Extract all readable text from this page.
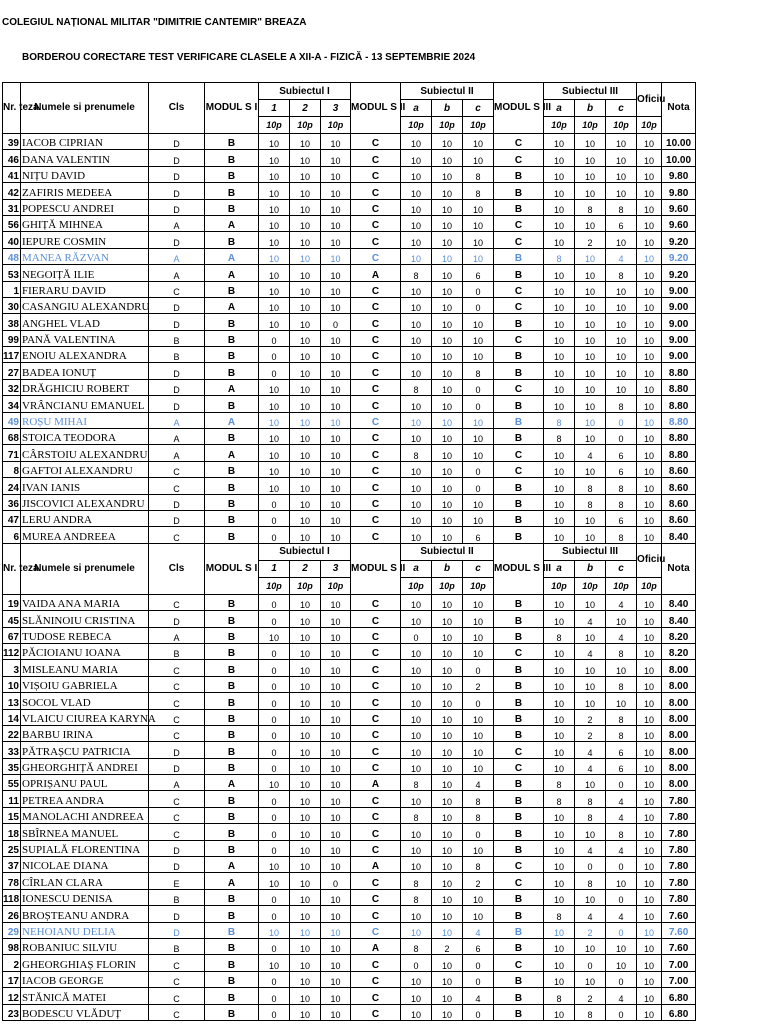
COLEGIUL NAȚIONAL MILITAR "DIMITRIE CANTEMIR" BREAZA
BORDEROU CORECTARE TEST VERIFICARE CLASELE A XII-A - FIZICĂ - 13 SEPTEMBRIE 2024
Nr. teza	Numele si prenumele	Cls	MODUL S I	Subiectul I			MODUL S II	Subiectul II			MODUL S III	Subiectul III			Oficiu	Nota
				1	2	3		a	b	c		a	b	c		
				10p	10p	10p		10p	10p	10p		10p	10p	10p	10p	
39	IACOB CIPRIAN	D	B	10	10	10	C	10	10	10	C	10	10	10	10	10.00
46	DANA VALENTIN	D	B	10	10	10	C	10	10	10	C	10	10	10	10	10.00
41	NIȚU DAVID	D	B	10	10	10	C	10	10	8	B	10	10	10	10	9.80
42	ZAFIRIS MEDEEA	D	B	10	10	10	C	10	10	8	B	10	10	10	10	9.80
31	POPESCU ANDREI	D	B	10	10	10	C	10	10	10	B	10	8	8	10	9.60
56	GHIȚĂ MIHNEA	A	A	10	10	10	C	10	10	10	C	10	10	6	10	9.60
40	IEPURE COSMIN	D	B	10	10	10	C	10	10	10	C	10	2	10	10	9.20
48	MANEA RĂZVAN	A	A	10	10	10	C	10	10	10	B	8	10	4	10	9.20
53	NEGOIȚĂ ILIE	A	A	10	10	10	A	8	10	6	B	10	10	8	10	9.20
1	FIERARU DAVID	C	B	10	10	10	C	10	10	0	C	10	10	10	10	9.00
30	CASANGIU ALEXANDRU	D	A	10	10	10	C	10	10	0	C	10	10	10	10	9.00
38	ANGHEL VLAD	D	B	10	10	0	C	10	10	10	B	10	10	10	10	9.00
99	PANĂ VALENTINA	B	B	0	10	10	C	10	10	10	C	10	10	10	10	9.00
117	ENOIU ALEXANDRA	B	B	0	10	10	C	10	10	10	B	10	10	10	10	9.00
27	BADEA IONUȚ	D	B	0	10	10	C	10	10	8	B	10	10	10	10	8.80
32	DRĂGHICIU ROBERT	D	A	10	10	10	C	8	10	0	C	10	10	10	10	8.80
34	VRÂNCIANU EMANUEL	D	B	10	10	10	C	10	10	0	B	10	10	8	10	8.80
49	ROȘU MIHAI	A	A	10	10	10	C	10	10	10	B	8	10	0	10	8.80
68	STOICA TEODORA	A	B	10	10	10	C	10	10	10	B	8	10	0	10	8.80
71	CÂRSTOIU ALEXANDRU	A	A	10	10	10	C	8	10	10	C	10	4	6	10	8.80
8	GAFTOI ALEXANDRU	C	B	10	10	10	C	10	10	0	C	10	10	6	10	8.60
24	IVAN IANIS	C	B	10	10	10	C	10	10	0	B	10	8	8	10	8.60
36	JISCOVICI ALEXANDRU	D	B	0	10	10	C	10	10	10	B	10	8	8	10	8.60
47	LERU ANDRA	D	B	0	10	10	C	10	10	10	B	10	10	6	10	8.60
6	MUREA ANDREEA	C	B	0	10	10	C	10	10	6	B	10	10	8	10	8.40
Nr. teza	Numele si prenumele	Cls	MODUL S I	Subiectul I			MODUL S II	Subiectul II			MODUL S III	Subiectul III			Oficiu	Nota
				1	2	3		a	b	c		a	b	c		
				10p	10p	10p		10p	10p	10p		10p	10p	10p	10p	
19	VAIDA ANA MARIA	C	B	0	10	10	C	10	10	10	B	10	10	4	10	8.40
45	SLĂNINOIU CRISTINA	D	B	0	10	10	C	10	10	10	B	10	4	10	10	8.40
67	TUDOSE REBECA	A	B	10	10	10	C	0	10	10	B	8	10	4	10	8.20
112	PĂCIOIANU IOANA	B	B	0	10	10	C	10	10	10	C	10	4	8	10	8.20
3	MISLEANU MARIA	C	B	0	10	10	C	10	10	0	B	10	10	10	10	8.00
10	VIȘOIU GABRIELA	C	B	0	10	10	C	10	10	2	B	10	10	8	10	8.00
13	SOCOL VLAD	C	B	0	10	10	C	10	10	0	B	10	10	10	10	8.00
14	VLAICU CIUREA KARYNA	C	B	0	10	10	C	10	10	10	B	10	2	8	10	8.00
22	BARBU IRINA	C	B	0	10	10	C	10	10	10	B	10	2	8	10	8.00
33	PĂTRAȘCU PATRICIA	D	B	0	10	10	C	10	10	10	C	10	4	6	10	8.00
35	GHEORGHIȚĂ ANDREI	D	B	0	10	10	C	10	10	10	C	10	4	6	10	8.00
55	OPRIȘANU PAUL	A	A	10	10	10	A	8	10	4	B	8	10	0	10	8.00
11	PETREA ANDRA	C	B	0	10	10	C	10	10	8	B	8	8	4	10	7.80
15	MANOLACHI ANDREEA	C	B	0	10	10	C	8	10	8	B	10	8	4	10	7.80
18	SBÎRNEA MANUEL	C	B	0	10	10	C	10	10	0	B	10	10	8	10	7.80
25	SUPIALĂ FLORENTINA	D	B	0	10	10	C	10	10	10	B	10	4	4	10	7.80
37	NICOLAE DIANA	D	A	10	10	10	A	10	10	8	C	10	0	0	10	7.80
78	CÎRLAN CLARA	E	A	10	10	0	C	8	10	2	C	10	8	10	10	7.80
118	IONESCU DENISA	B	B	0	10	10	C	8	10	10	B	10	10	0	10	7.80
26	BROȘTEANU ANDRA	D	B	0	10	10	C	10	10	10	B	8	4	4	10	7.60
29	NEHOIANU DELIA	D	B	10	10	10	C	10	10	4	B	10	2	0	10	7.60
98	ROBANIUC SILVIU	B	B	0	10	10	A	8	2	6	B	10	10	10	10	7.60
2	GHEORGHIAȘ FLORIN	C	B	10	10	10	C	0	10	0	C	10	0	10	10	7.00
17	IACOB GEORGE	C	B	0	10	10	C	10	10	0	B	10	10	0	10	7.00
12	STĂNICĂ MATEI	C	B	0	10	10	C	10	10	4	B	8	2	4	10	6.80
23	BODESCU VLĂDUȚ	C	B	0	10	10	C	10	10	0	B	10	8	0	10	6.80
